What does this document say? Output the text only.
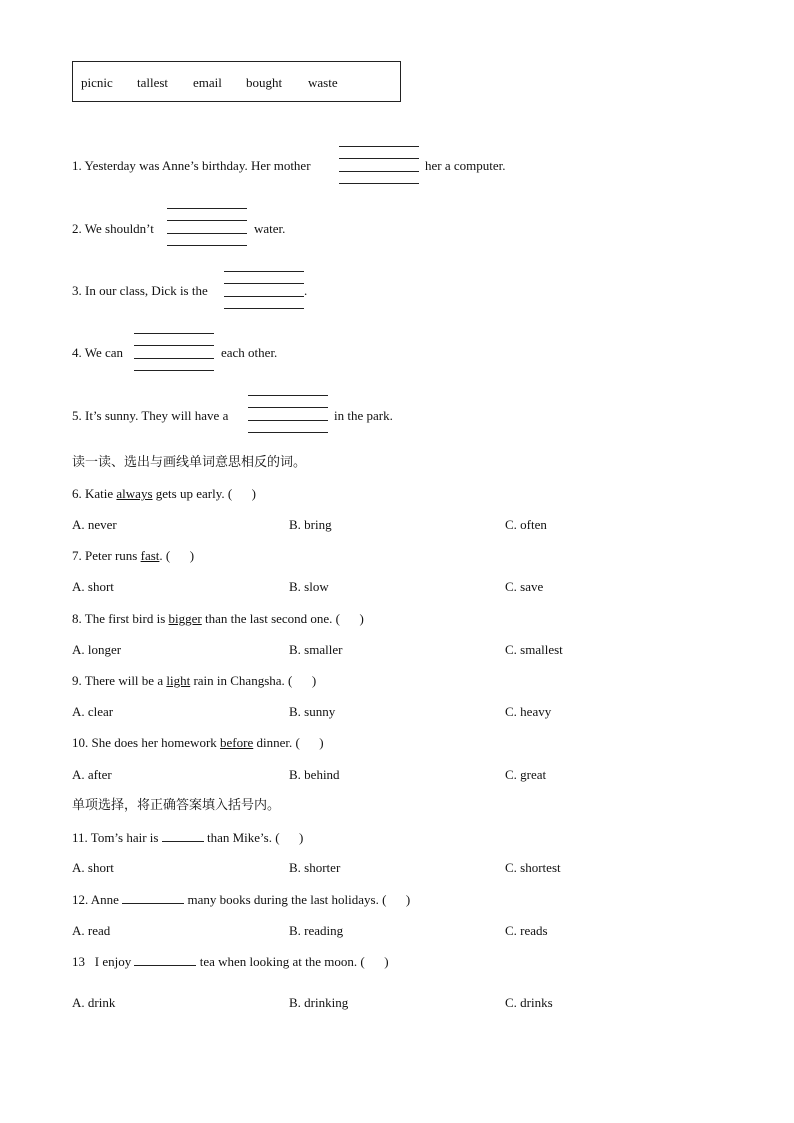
picnic tallest email bought waste
1. Yesterday was Anne’s birthday. Her mother	her a computer.
2. We shouldn’t	water.
3. In our class, Dick is the	.
4. We can	each other.
5. It’s sunny. They will have a	in the park.
读一读、选出与画线单词意思相反的词。
6. Katie always gets up early. (      )
A. never	B. bring	C. often
7. Peter runs fast. (      )
A. short	B. slow	C. save
8. The first bird is bigger than the last second one. (      )
A. longer	B. smaller	C. smallest
9. There will be a light rain in Changsha. (      )
A. clear	B. sunny	C. heavy
10. She does her homework before dinner. (      )
A. after	B. behind	C. great
单项选择，将正确答案填入括号内。
11. Tom’s hair is	than Mike’s. (      )
A. short	B. shorter	C. shortest
12. Anne	many books during the last holidays. (      )
A. read	B. reading	C. reads
13   I enjoy	tea when looking at the moon. (      )
A. drink	B. drinking	C. drinks
